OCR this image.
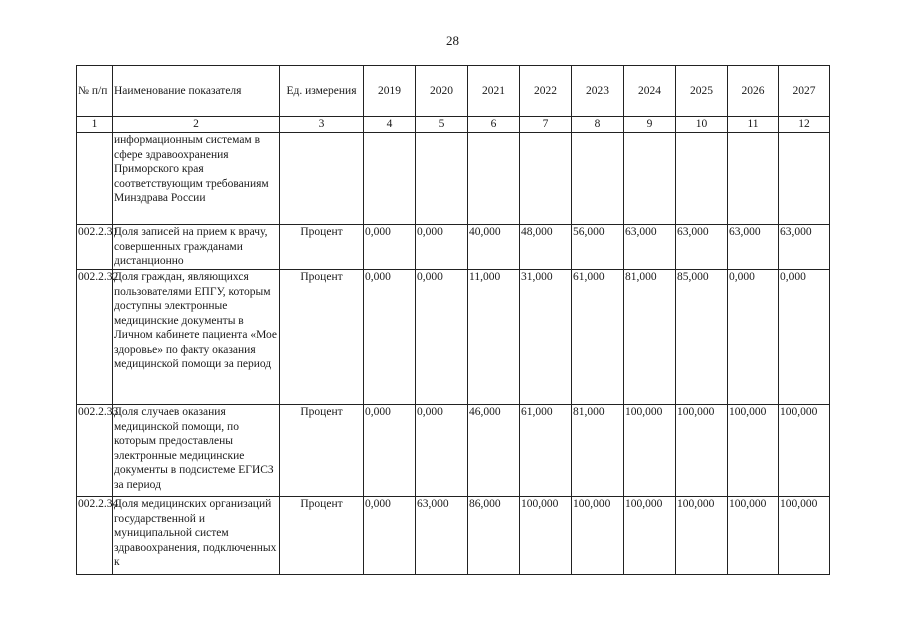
28
№ п/п	Наименование показателя	Ед. измерения	2019	2020	2021	2022	2023	2024	2025	2026	2027
1	2	3	4	5	6	7	8	9	10	11	12
	информационным системам в сфере здравоохранения Приморского края соответствующим требованиям Минздрава России										
002.2.31	Доля записей на прием к врачу, совершенных гражданами дистанционно	Процент	0,000	0,000	40,000	48,000	56,000	63,000	63,000	63,000	63,000
002.2.32	Доля граждан, являющихся пользователями ЕПГУ, которым доступны электронные медицинские документы в Личном кабинете пациента «Мое здоровье» по факту оказания медицинской помощи за период	Процент	0,000	0,000	11,000	31,000	61,000	81,000	85,000	0,000	0,000
002.2.33	Доля случаев оказания медицинской помощи, по которым предоставлены электронные медицинские документы в подсистеме ЕГИСЗ за период	Процент	0,000	0,000	46,000	61,000	81,000	100,000	100,000	100,000	100,000
002.2.34	Доля медицинских организаций государственной и муниципальной систем здравоохранения, подключенных к	Процент	0,000	63,000	86,000	100,000	100,000	100,000	100,000	100,000	100,000
